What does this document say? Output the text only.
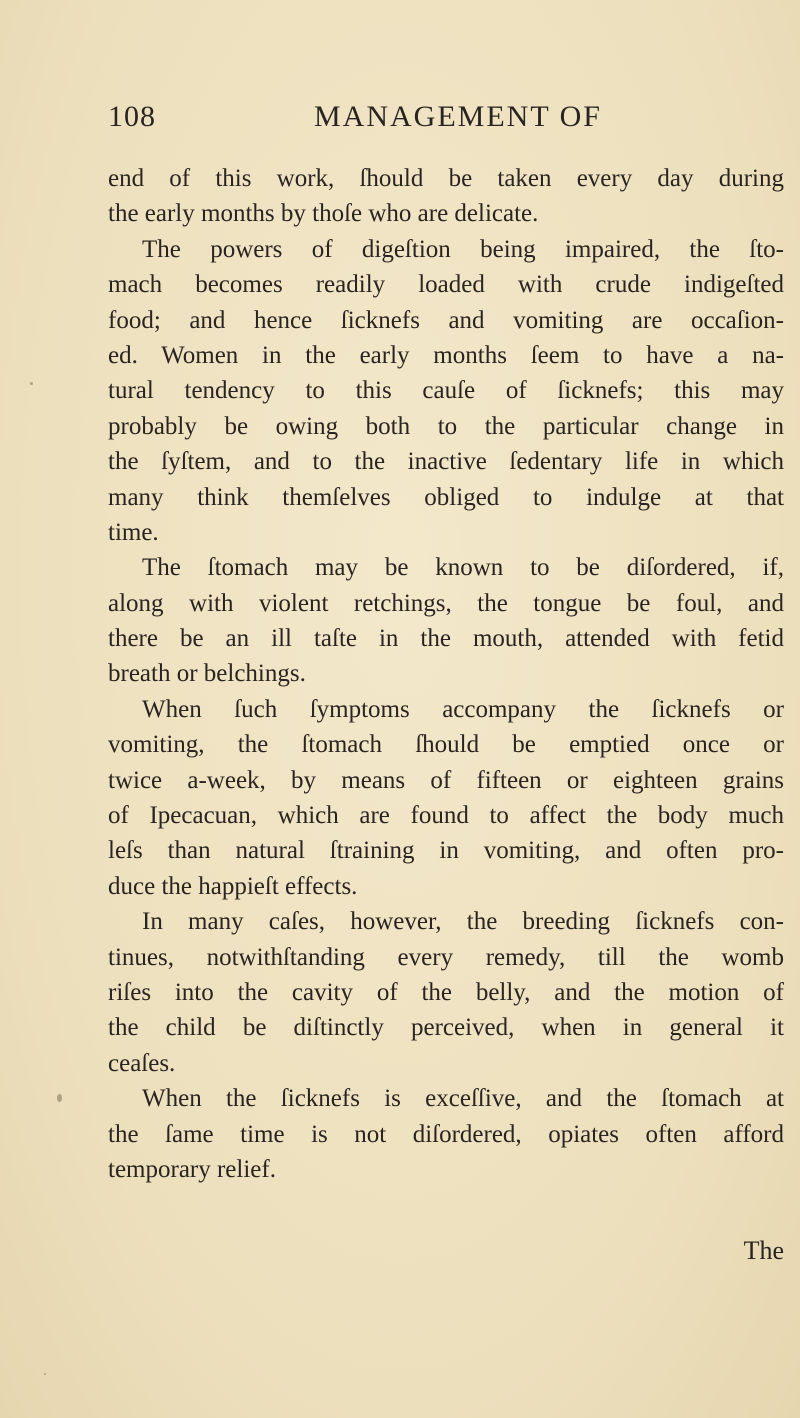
108	MANAGEMENT OF
end of this work, ſhould be taken every day during
the early months by thoſe who are delicate.
The powers of digeſtion being impaired, the ſto-
mach becomes readily loaded with crude indigeſted
food; and hence ſicknefs and vomiting are occaſion-
ed. Women in the early months ſeem to have a na-
tural tendency to this cauſe of ſicknefs; this may
probably be owing both to the particular change in
the ſyſtem, and to the inactive ſedentary life in which
many think themſelves obliged to indulge at that
time.
The ſtomach may be known to be diſordered, if,
along with violent retchings, the tongue be foul, and
there be an ill taſte in the mouth, attended with fetid
breath or belchings.
When ſuch ſymptoms accompany the ſicknefs or
vomiting, the ſtomach ſhould be emptied once or
twice a-week, by means of fifteen or eighteen grains
of Ipecacuan, which are found to affect the body much
leſs than natural ſtraining in vomiting, and often pro-
duce the happieſt effects.
In many caſes, however, the breeding ſicknefs con-
tinues, notwithſtanding every remedy, till the womb
riſes into the cavity of the belly, and the motion of
the child be diſtinctly perceived, when in general it
ceaſes.
When the ſicknefs is exceſſive, and the ſtomach at
the ſame time is not diſordered, opiates often afford
temporary relief.
The
